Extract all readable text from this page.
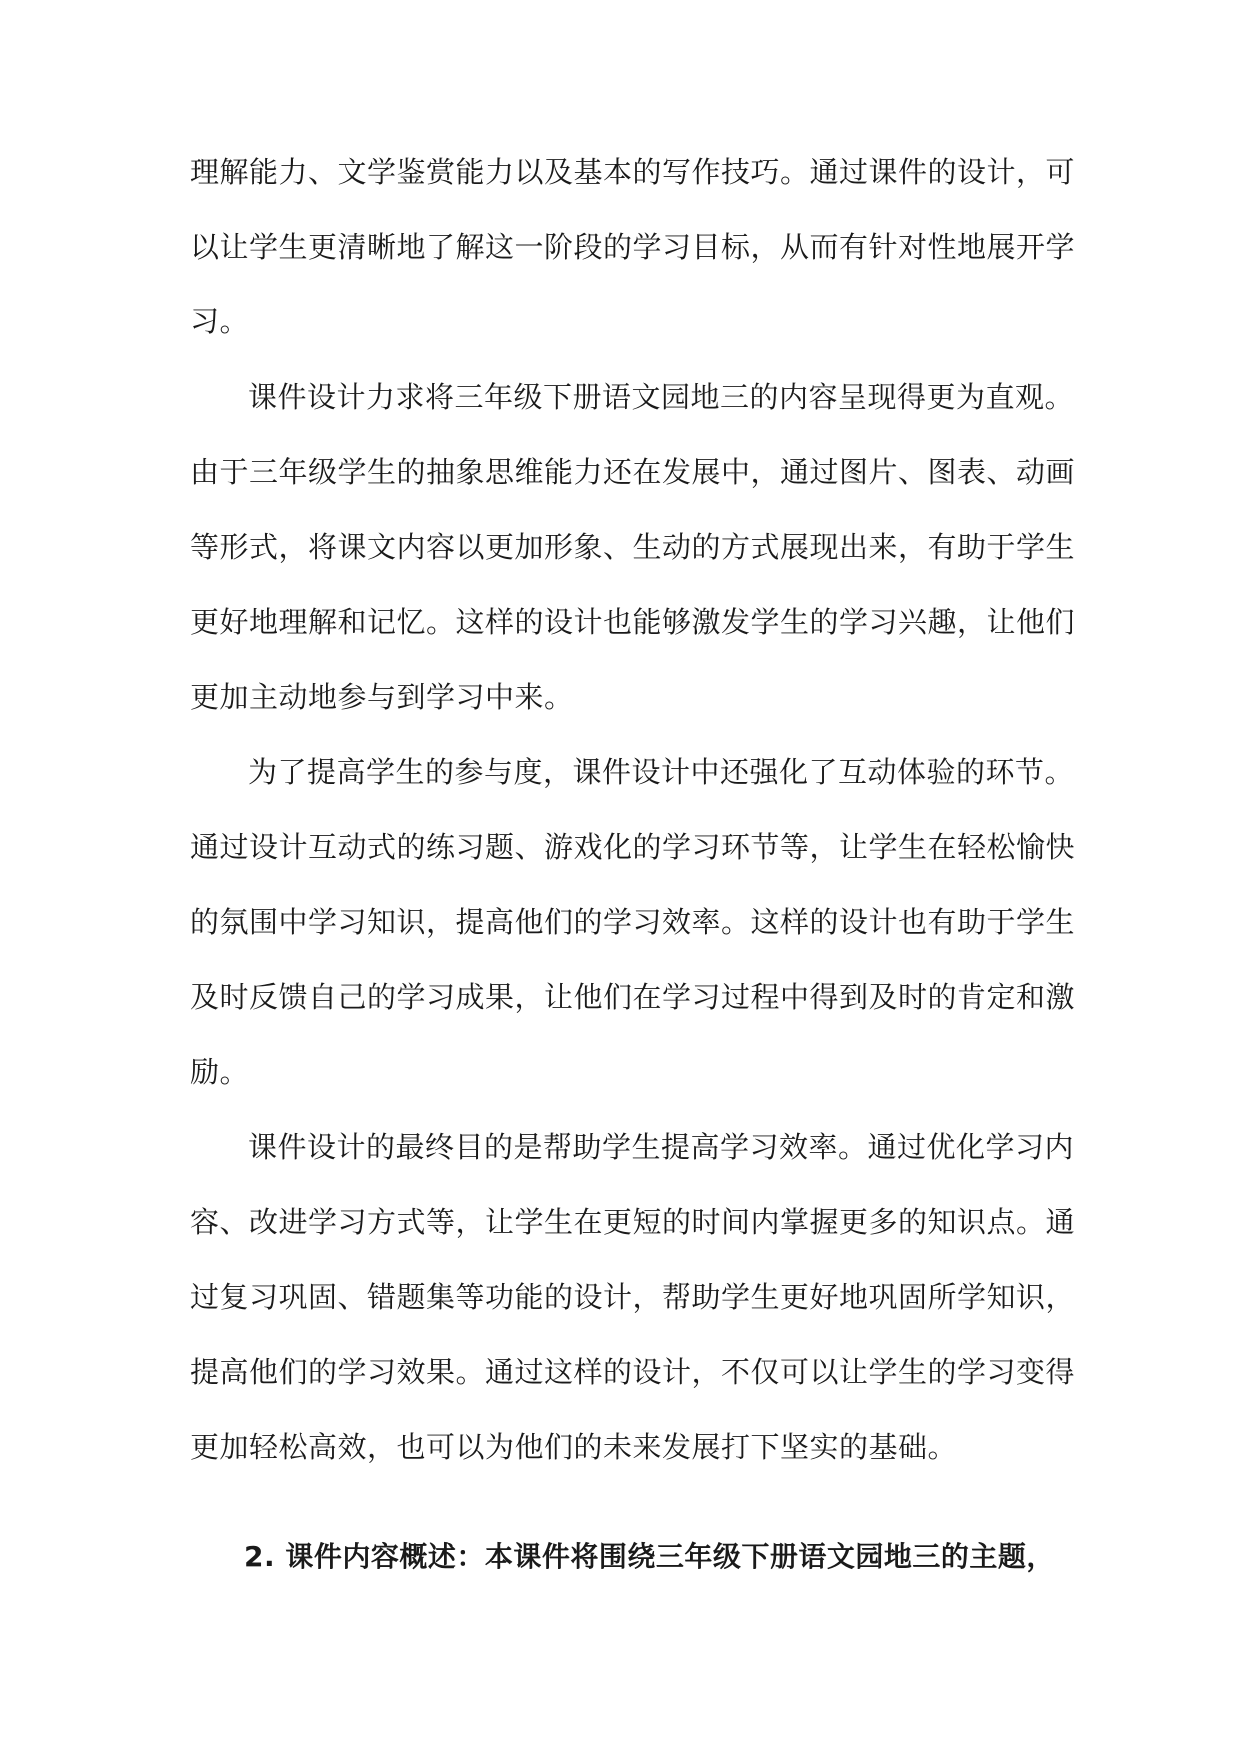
理解能力、文学鉴赏能力以及基本的写作技巧。通过课件的设计，可
以让学生更清晰地了解这一阶段的学习目标，从而有针对性地展开学
习。
课件设计力求将三年级下册语文园地三的内容呈现得更为直观。
由于三年级学生的抽象思维能力还在发展中，通过图片、图表、动画
等形式，将课文内容以更加形象、生动的方式展现出来，有助于学生
更好地理解和记忆。这样的设计也能够激发学生的学习兴趣，让他们
更加主动地参与到学习中来。
为了提高学生的参与度，课件设计中还强化了互动体验的环节。
通过设计互动式的练习题、游戏化的学习环节等，让学生在轻松愉快
的氛围中学习知识，提高他们的学习效率。这样的设计也有助于学生
及时反馈自己的学习成果，让他们在学习过程中得到及时的肯定和激
励。
课件设计的最终目的是帮助学生提高学习效率。通过优化学习内
容、改进学习方式等，让学生在更短的时间内掌握更多的知识点。通
过复习巩固、错题集等功能的设计，帮助学生更好地巩固所学知识，
提高他们的学习效果。通过这样的设计，不仅可以让学生的学习变得
更加轻松高效，也可以为他们的未来发展打下坚实的基础。
2. 课件内容概述：本课件将围绕三年级下册语文园地三的主题，
